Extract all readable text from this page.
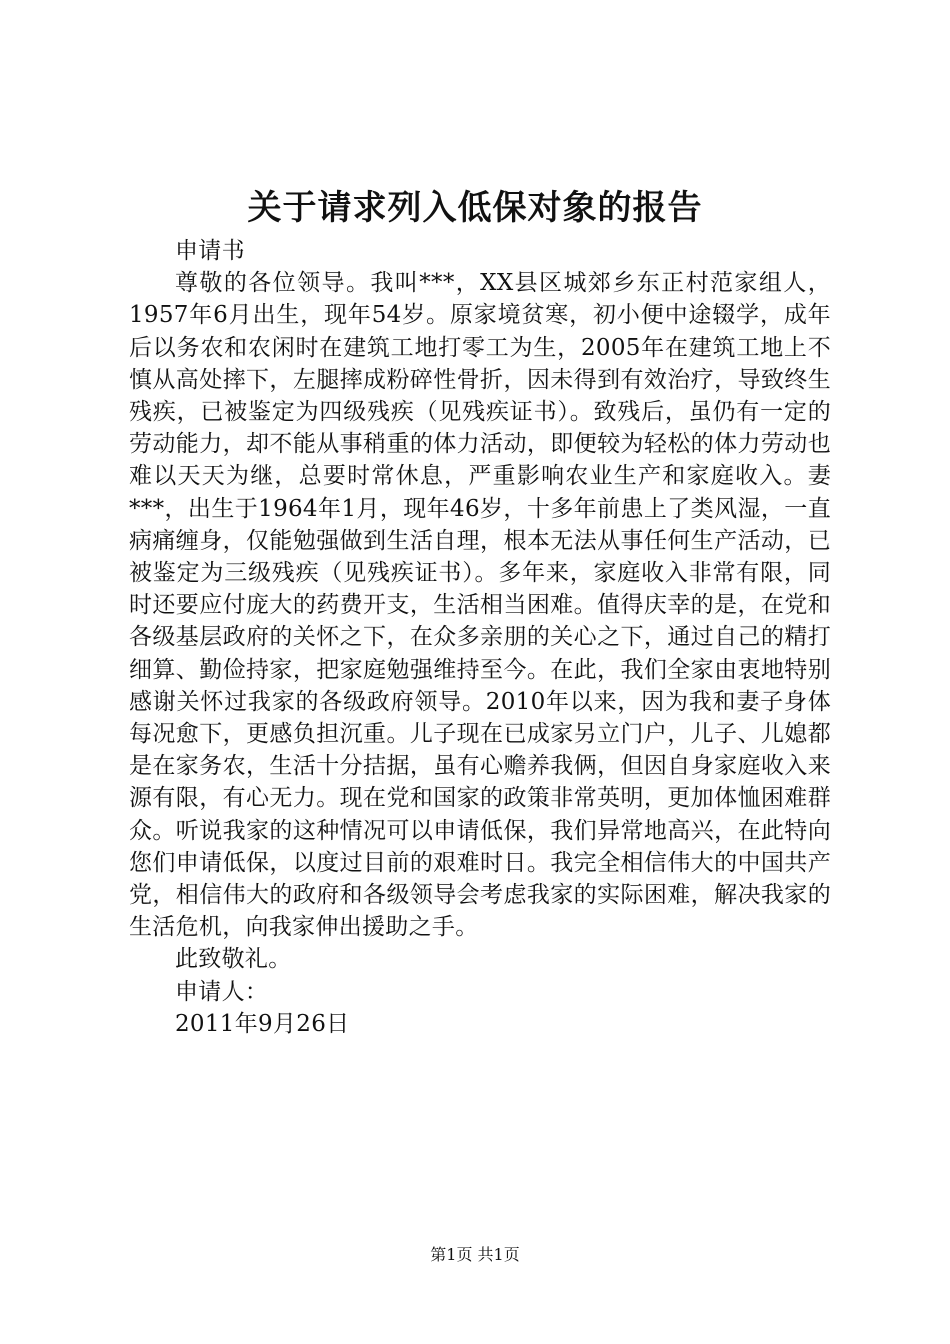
关于请求列入低保对象的报告

申请书

尊敬的各位领导。我叫***，XX县区城郊乡东正村范家组人，1957年6月出生，现年54岁。原家境贫寒，初小便中途辍学，成年后以务农和农闲时在建筑工地打零工为生，2005年在建筑工地上不慎从高处摔下，左腿摔成粉碎性骨折，因未得到有效治疗，导致终生残疾，已被鉴定为四级残疾（见残疾证书）。致残后，虽仍有一定的劳动能力，却不能从事稍重的体力活动，即便较为轻松的体力劳动也难以天天为继，总要时常休息，严重影响农业生产和家庭收入。妻***，出生于1964年1月，现年46岁，十多年前患上了类风湿，一直病痛缠身，仅能勉强做到生活自理，根本无法从事任何生产活动，已被鉴定为三级残疾（见残疾证书）。多年来，家庭收入非常有限，同时还要应付庞大的药费开支，生活相当困难。值得庆幸的是，在党和各级基层政府的关怀之下，在众多亲朋的关心之下，通过自己的精打细算、勤俭持家，把家庭勉强维持至今。在此，我们全家由衷地特别感谢关怀过我家的各级政府领导。2010年以来，因为我和妻子身体每况愈下，更感负担沉重。儿子现在已成家另立门户，儿子、儿媳都是在家务农，生活十分拮据，虽有心赡养我俩，但因自身家庭收入来源有限，有心无力。现在党和国家的政策非常英明，更加体恤困难群众。听说我家的这种情况可以申请低保，我们异常地高兴，在此特向您们申请低保，以度过目前的艰难时日。我完全相信伟大的中国共产党，相信伟大的政府和各级领导会考虑我家的实际困难，解决我家的生活危机，向我家伸出援助之手。

此致敬礼。

申请人：

2011年9月26日

第1页 共1页
